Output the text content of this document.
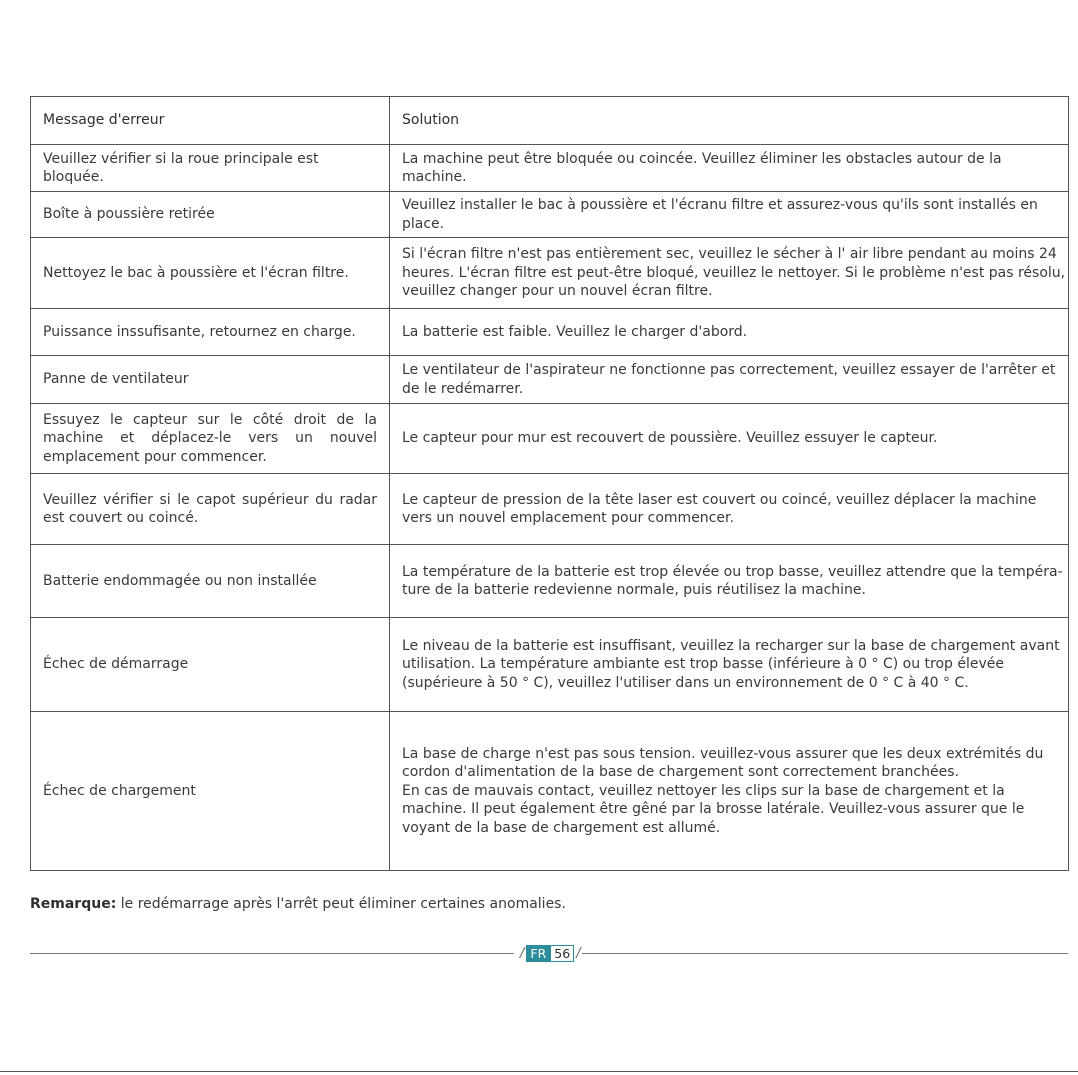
Message d'erreur	Solution
Veuillez vérifier si la roue principale est bloquée.	La machine peut être bloquée ou coincée. Veuillez éliminer les obstacles autour de la machine.
Boîte à poussière retirée	Veuillez installer le bac à poussière et l'écranu filtre et assurez-vous qu'ils sont installés en place.
Nettoyez le bac à poussière et l'écran filtre.	Si l'écran filtre n'est pas entièrement sec, veuillez le sécher à l' air libre pendant au moins 24 heures. L'écran filtre est peut-être bloqué, veuillez le nettoyer. Si le problème n'est pas résolu, veuillez changer pour un nouvel écran filtre.
Puissance inssufisante, retournez en charge.	La batterie est faible. Veuillez le charger d'abord.
Panne de ventilateur	Le ventilateur de l'aspirateur ne fonctionne pas correctement, veuillez essayer de l'arrêter et de le redémarrer.
Essuyez le capteur sur le côté droit de la machine et déplacez-le vers un nouvel emplacement pour commencer.	Le capteur pour mur est recouvert de poussière. Veuillez essuyer le capteur.
Veuillez vérifier si le capot supérieur du radar est couvert ou coincé.	Le capteur de pression de la tête laser est couvert ou coincé, veuillez déplacer la machine vers un nouvel emplacement pour commencer.
Batterie endommagée ou non installée	La température de la batterie est trop élevée ou trop basse, veuillez attendre que la tempéra-ture de la batterie redevienne normale, puis réutilisez la machine.
Échec de démarrage	Le niveau de la batterie est insuffisant, veuillez la recharger sur la base de chargement avant utilisation. La température ambiante est trop basse (inférieure à 0 ° C) ou trop élevée (supérieure à 50 ° C), veuillez l'utiliser dans un environnement de 0 ° C à 40 ° C.
Échec de chargement	La base de charge n'est pas sous tension. veuillez-vous assurer que les deux extrémités du cordon d'alimentation de la base de chargement sont correctement branchées.
En cas de mauvais contact, veuillez nettoyer les clips sur la base de chargement et la machine. Il peut également être gêné par la brosse latérale. Veuillez-vous assurer que le voyant de la base de chargement est allumé.
Remarque: le redémarrage après l'arrêt peut éliminer certaines anomalies.
/ FR 56 /
